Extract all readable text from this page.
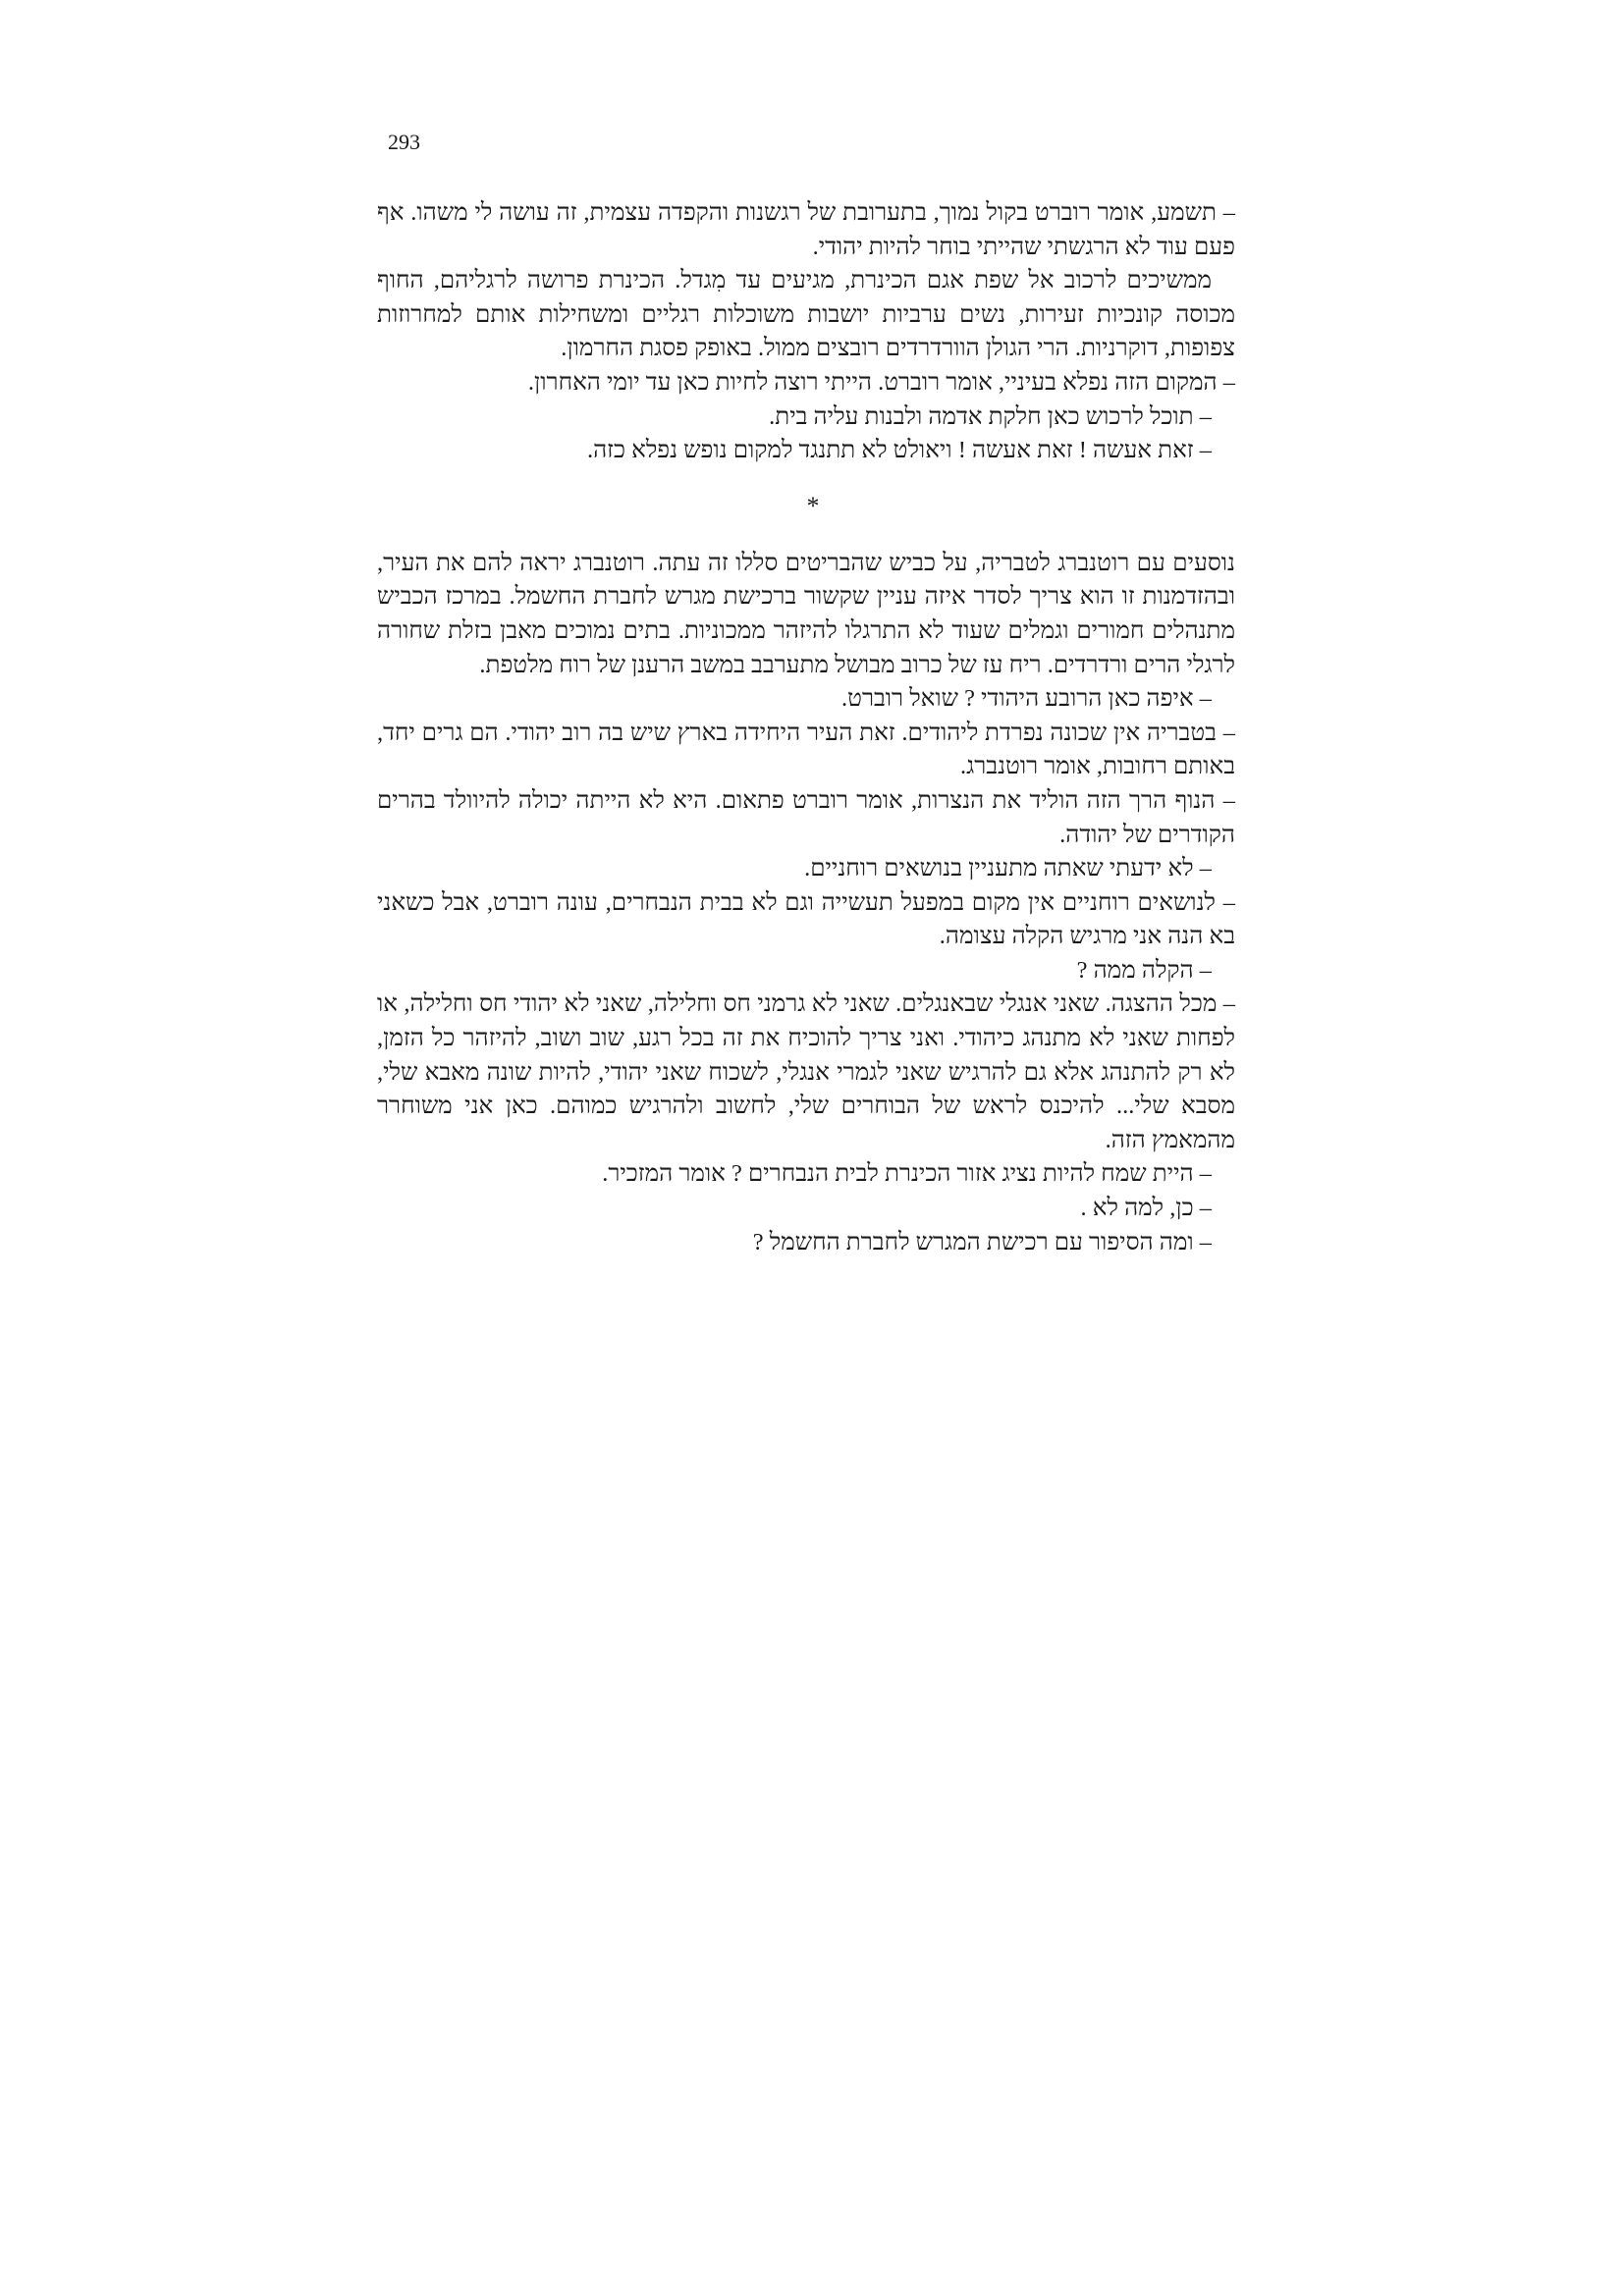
293

– תשמע, אומר רוברט בקול נמוך, בתערובת של רגשנות והקפדה עצמית, זה עושה לי משהו. אף פעם עוד לא הרגשתי שהייתי בוחר להיות יהודי.

ממשיכים לרכוב אל שפת אגם הכינרת, מגיעים עד מִגדל. הכינרת פרושה לרגליהם, החוף מכוסה קונכיות זעירות, נשים ערביות יושבות משוכלות רגליים ומשחילות אותם למחרוזות צפופות, דוקרניות. הרי הגולן הוורדרדים רובצים ממול. באופק פסגת החרמון.

– המקום הזה נפלא בעיניי, אומר רוברט. הייתי רוצה לחיות כאן עד יומי האחרון.

– תוכל לרכוש כאן חלקת אדמה ולבנות עליה בית.

– זאת אעשה ! זאת אעשה ! ויאולט לא תתנגד למקום נופש נפלא כזה.

*

נוסעים עם רוטנברג לטבריה, על כביש שהבריטים סללו זה עתה. רוטנברג יראה להם את העיר, ובהזדמנות זו הוא צריך לסדר איזה עניין שקשור ברכישת מגרש לחברת החשמל. במרכז הכביש מתנהלים חמורים וגמלים שעוד לא התרגלו להיזהר ממכוניות. בתים נמוכים מאבן בזלת שחורה לרגלי הרים ורדרדים. ריח עז של כרוב מבושל מתערבב במשב הרענן של רוח מלטפת.

– איפה כאן הרובע היהודי ? שואל רוברט.

– בטבריה אין שכונה נפרדת ליהודים. זאת העיר היחידה בארץ שיש בה רוב יהודי. הם גרים יחד, באותם רחובות, אומר רוטנברג.

– הנוף הרך הזה הוליד את הנצרות, אומר רוברט פתאום. היא לא הייתה יכולה להיוולד בהרים הקודרים של יהודה.

– לא ידעתי שאתה מתעניין בנושאים רוחניים.

– לנושאים רוחניים אין מקום במפעל תעשייה וגם לא בבית הנבחרים, עונה רוברט, אבל כשאני בא הנה אני מרגיש הקלה עצומה.

– הקלה ממה ?

– מכל ההצגה. שאני אנגלי שבאנגלים. שאני לא גרמני חס וחלילה, שאני לא יהודי חס וחלילה, או לפחות שאני לא מתנהג כיהודי. ואני צריך להוכיח את זה בכל רגע, שוב ושוב, להיזהר כל הזמן, לא רק להתנהג אלא גם להרגיש שאני לגמרי אנגלי, לשכוח שאני יהודי, להיות שונה מאבא שלי, מסבא שלי... להיכנס לראש של הבוחרים שלי, לחשוב ולהרגיש כמוהם. כאן אני משוחרר מהמאמץ הזה.

– היית שמח להיות נציג אזור הכינרת לבית הנבחרים ? אומר המזכיר.

– כן, למה לא .

– ומה הסיפור עם רכישת המגרש לחברת החשמל ?
